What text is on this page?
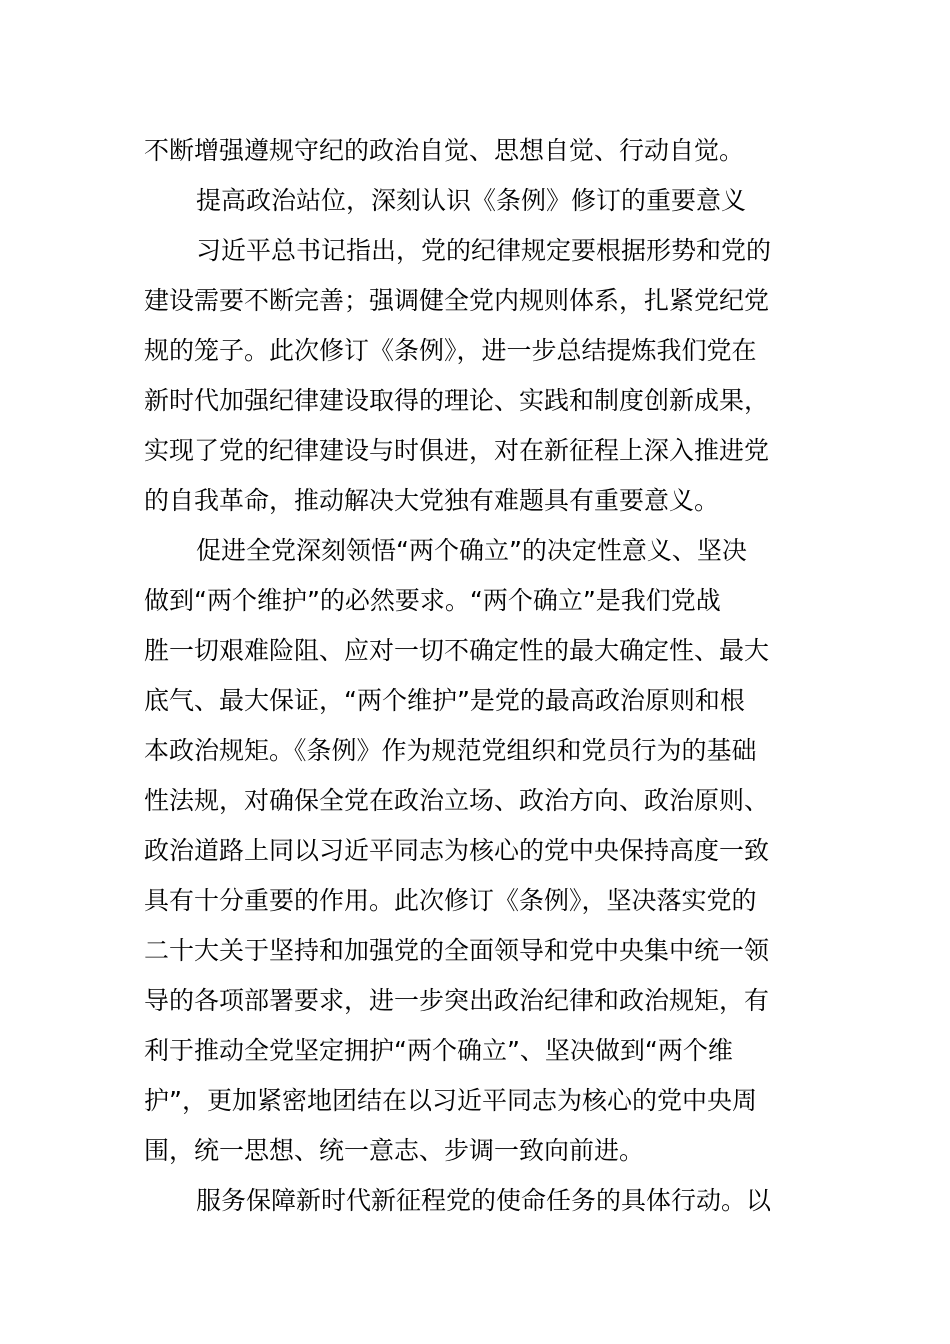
不断增强遵规守纪的政治自觉、思想自觉、行动自觉。
提高政治站位，深刻认识《条例》修订的重要意义
习近平总书记指出，党的纪律规定要根据形势和党的
建设需要不断完善；强调健全党内规则体系，扎紧党纪党
规的笼子。此次修订《条例》，进一步总结提炼我们党在
新时代加强纪律建设取得的理论、实践和制度创新成果，
实现了党的纪律建设与时俱进，对在新征程上深入推进党
的自我革命，推动解决大党独有难题具有重要意义。
促进全党深刻领悟“两个确立”的决定性意义、坚决
做到“两个维护”的必然要求。“两个确立”是我们党战
胜一切艰难险阻、应对一切不确定性的最大确定性、最大
底气、最大保证，“两个维护”是党的最高政治原则和根
本政治规矩。《条例》作为规范党组织和党员行为的基础
性法规，对确保全党在政治立场、政治方向、政治原则、
政治道路上同以习近平同志为核心的党中央保持高度一致
具有十分重要的作用。此次修订《条例》，坚决落实党的
二十大关于坚持和加强党的全面领导和党中央集中统一领
导的各项部署要求，进一步突出政治纪律和政治规矩，有
利于推动全党坚定拥护“两个确立”、坚决做到“两个维
护”，更加紧密地团结在以习近平同志为核心的党中央周
围，统一思想、统一意志、步调一致向前进。
服务保障新时代新征程党的使命任务的具体行动。以
